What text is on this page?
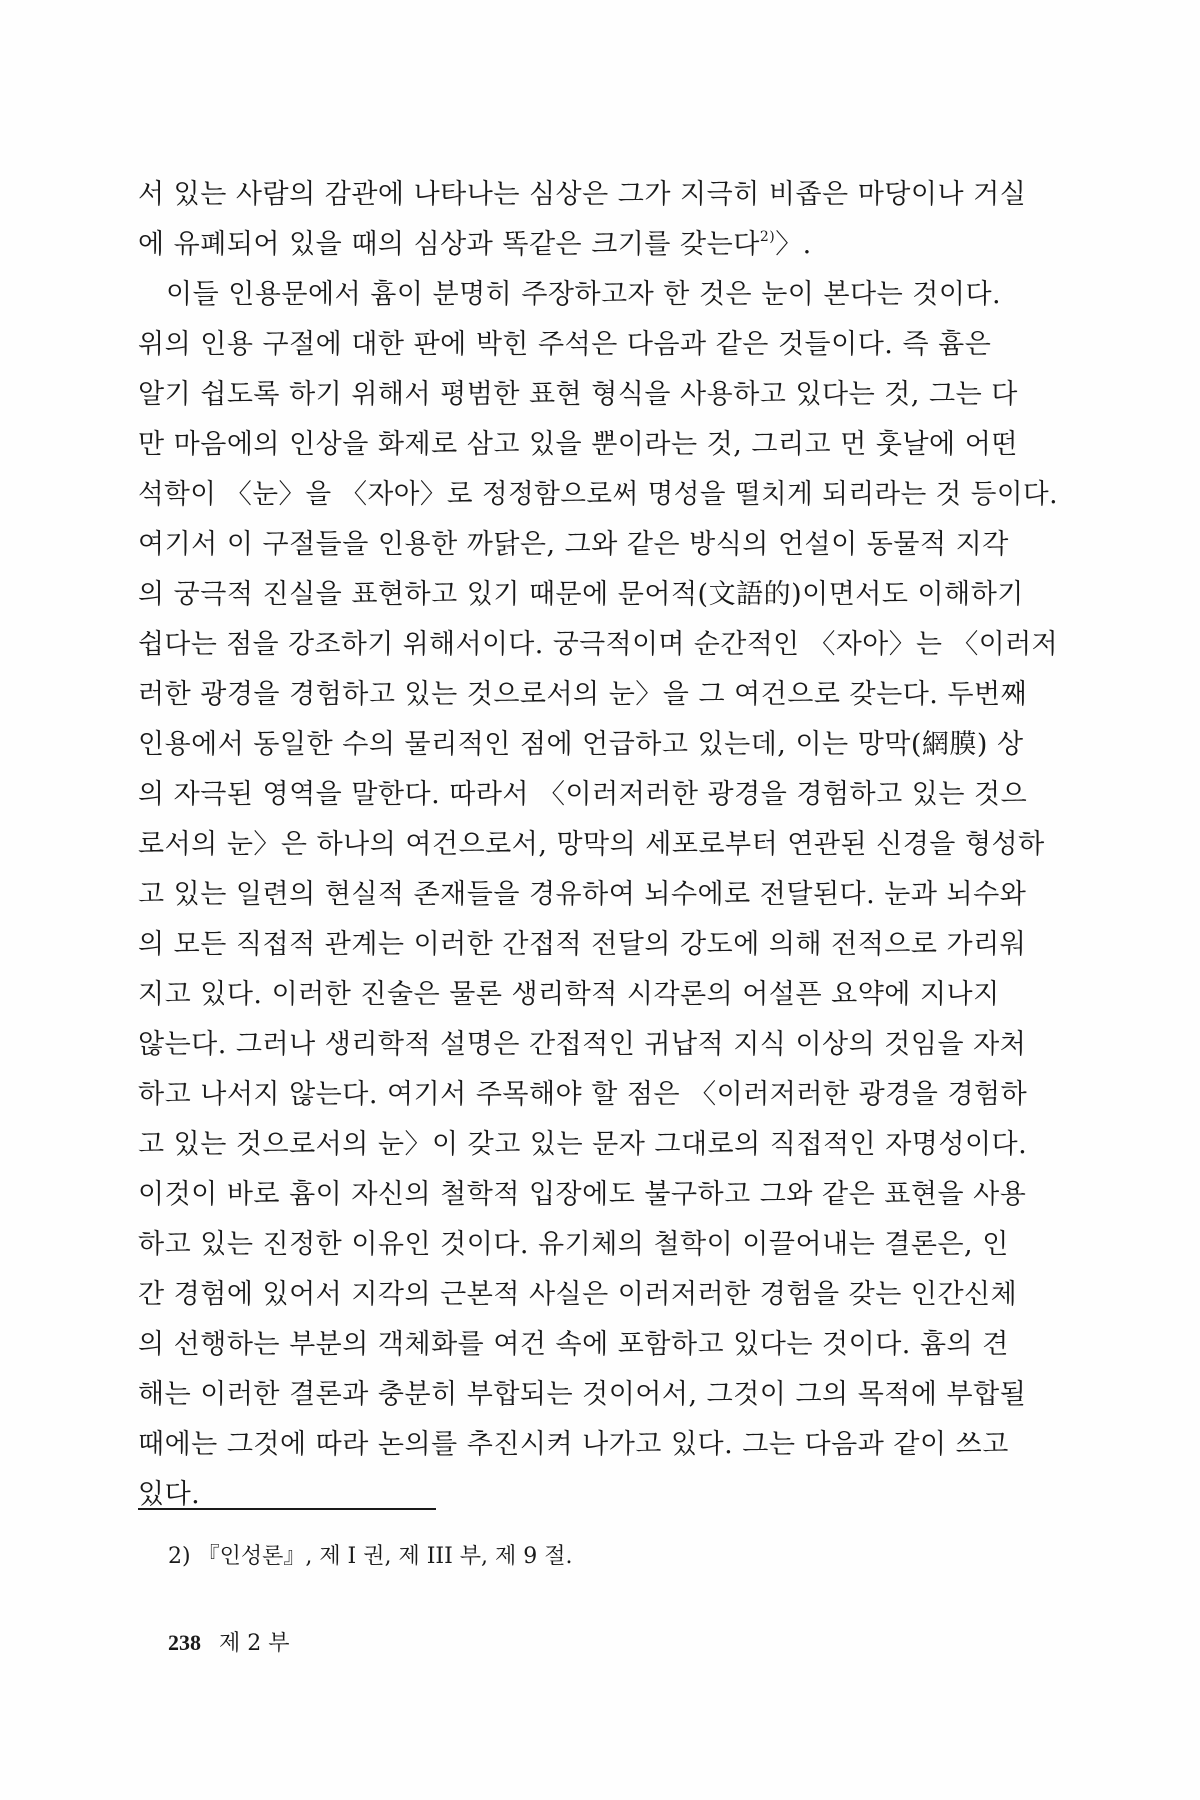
서 있는 사람의 감관에 나타나는 심상은 그가 지극히 비좁은 마당이나 거실
에 유폐되어 있을 때의 심상과 똑같은 크기를 갖는다$^{2)}$〉.
이들 인용문에서 흄이 분명히 주장하고자 한 것은 눈이 본다는 것이다.
위의 인용 구절에 대한 판에 박힌 주석은 다음과 같은 것들이다. 즉 흄은
알기 쉽도록 하기 위해서 평범한 표현 형식을 사용하고 있다는 것, 그는 다
만 마음에의 인상을 화제로 삼고 있을 뿐이라는 것, 그리고 먼 훗날에 어떤
석학이 〈눈〉을 〈자아〉로 정정함으로써 명성을 떨치게 되리라는 것 등이다.
여기서 이 구절들을 인용한 까닭은, 그와 같은 방식의 언설이 동물적 지각
의 궁극적 진실을 표현하고 있기 때문에 문어적(文語的)이면서도 이해하기
쉽다는 점을 강조하기 위해서이다. 궁극적이며 순간적인 〈자아〉는 〈이러저
러한 광경을 경험하고 있는 것으로서의 눈〉을 그 여건으로 갖는다. 두번째
인용에서 동일한 수의 물리적인 점에 언급하고 있는데, 이는 망막(網膜) 상
의 자극된 영역을 말한다. 따라서 〈이러저러한 광경을 경험하고 있는 것으
로서의 눈〉은 하나의 여건으로서, 망막의 세포로부터 연관된 신경을 형성하
고 있는 일련의 현실적 존재들을 경유하여 뇌수에로 전달된다. 눈과 뇌수와
의 모든 직접적 관계는 이러한 간접적 전달의 강도에 의해 전적으로 가리워
지고 있다. 이러한 진술은 물론 생리학적 시각론의 어설픈 요약에 지나지
않는다. 그러나 생리학적 설명은 간접적인 귀납적 지식 이상의 것임을 자처
하고 나서지 않는다. 여기서 주목해야 할 점은 〈이러저러한 광경을 경험하
고 있는 것으로서의 눈〉이 갖고 있는 문자 그대로의 직접적인 자명성이다.
이것이 바로 흄이 자신의 철학적 입장에도 불구하고 그와 같은 표현을 사용
하고 있는 진정한 이유인 것이다. 유기체의 철학이 이끌어내는 결론은, 인
간 경험에 있어서 지각의 근본적 사실은 이러저러한 경험을 갖는 인간신체
의 선행하는 부분의 객체화를 여건 속에 포함하고 있다는 것이다. 흄의 견
해는 이러한 결론과 충분히 부합되는 것이어서, 그것이 그의 목적에 부합될
때에는 그것에 따라 논의를 추진시켜 나가고 있다. 그는 다음과 같이 쓰고
있다.
2) 『인성론』, 제 I 권, 제 III 부, 제 9 절.
238 제 2 부
